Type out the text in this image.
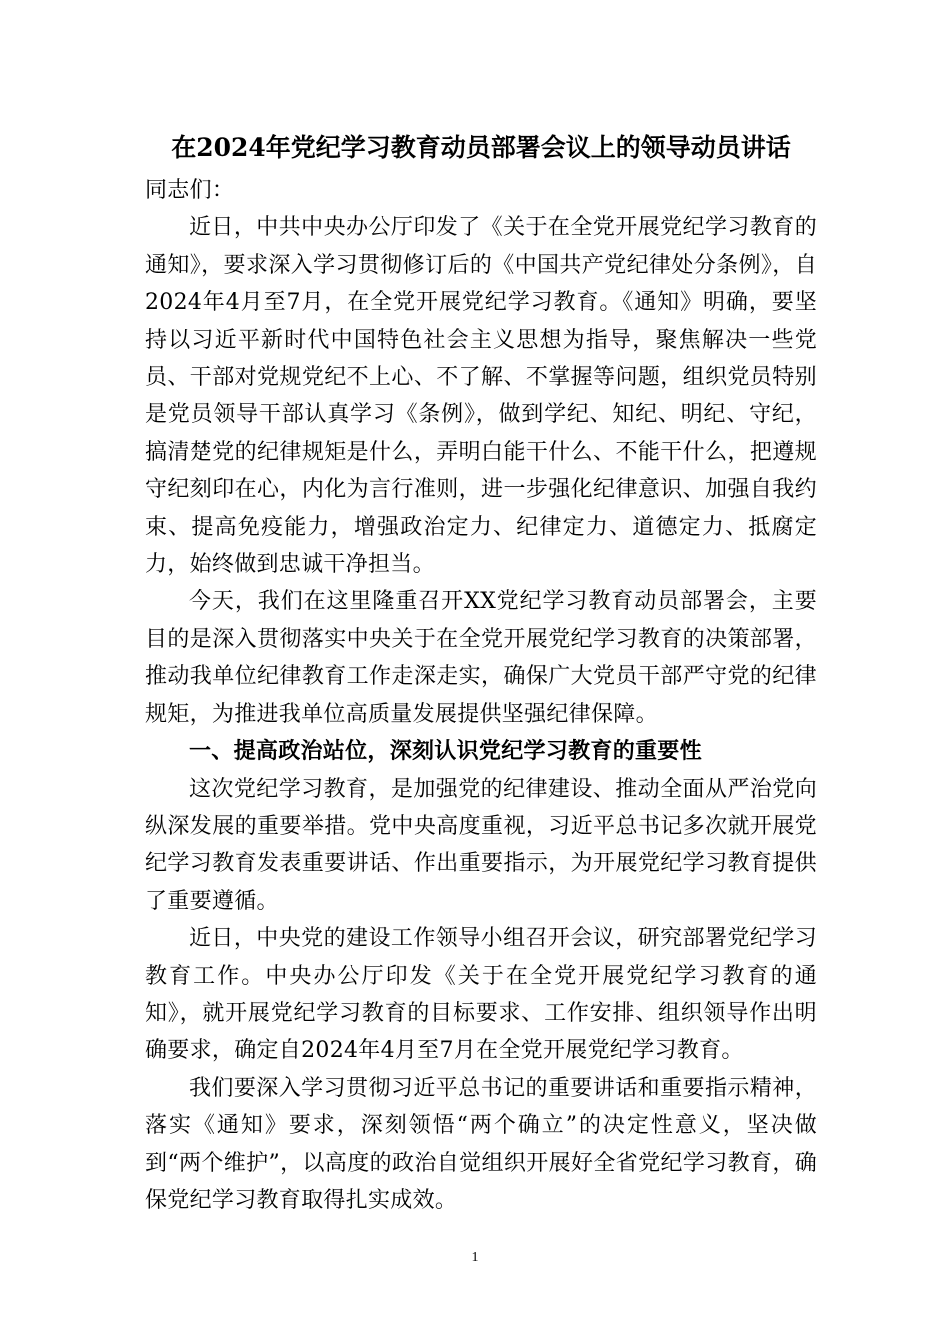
在2024年党纪学习教育动员部署会议上的领导动员讲话

同志们：

近日，中共中央办公厅印发了《关于在全党开展党纪学习教育的通知》，要求深入学习贯彻修订后的《中国共产党纪律处分条例》，自2024年4月至7月，在全党开展党纪学习教育。《通知》明确，要坚持以习近平新时代中国特色社会主义思想为指导，聚焦解决一些党员、干部对党规党纪不上心、不了解、不掌握等问题，组织党员特别是党员领导干部认真学习《条例》，做到学纪、知纪、明纪、守纪，搞清楚党的纪律规矩是什么，弄明白能干什么、不能干什么，把遵规守纪刻印在心，内化为言行准则，进一步强化纪律意识、加强自我约束、提高免疫能力，增强政治定力、纪律定力、道德定力、抵腐定力，始终做到忠诚干净担当。

今天，我们在这里隆重召开XX党纪学习教育动员部署会，主要目的是深入贯彻落实中央关于在全党开展党纪学习教育的决策部署，推动我单位纪律教育工作走深走实，确保广大党员干部严守党的纪律规矩，为推进我单位高质量发展提供坚强纪律保障。

一、提高政治站位，深刻认识党纪学习教育的重要性

这次党纪学习教育，是加强党的纪律建设、推动全面从严治党向纵深发展的重要举措。党中央高度重视，习近平总书记多次就开展党纪学习教育发表重要讲话、作出重要指示，为开展党纪学习教育提供了重要遵循。

近日，中央党的建设工作领导小组召开会议，研究部署党纪学习教育工作。中央办公厅印发《关于在全党开展党纪学习教育的通知》，就开展党纪学习教育的目标要求、工作安排、组织领导作出明确要求，确定自2024年4月至7月在全党开展党纪学习教育。

我们要深入学习贯彻习近平总书记的重要讲话和重要指示精神，落实《通知》要求，深刻领悟“两个确立”的决定性意义，坚决做到“两个维护”，以高度的政治自觉组织开展好全省党纪学习教育，确保党纪学习教育取得扎实成效。

1
